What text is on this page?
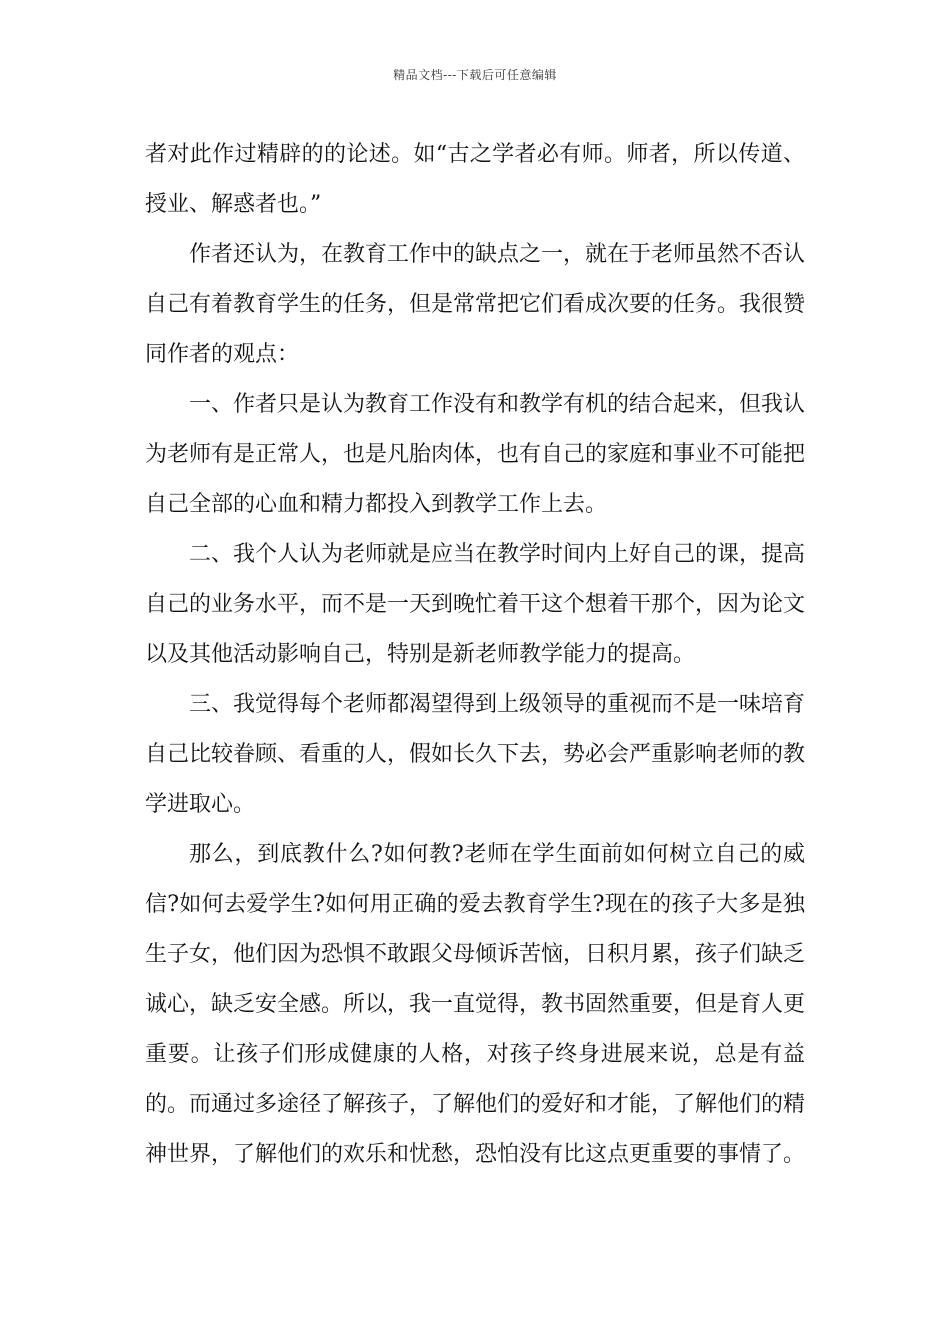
精品文档---下载后可任意编辑

者对此作过精辟的的论述。如“古之学者必有师。师者，所以传道、授业、解惑者也。”

作者还认为，在教育工作中的缺点之一，就在于老师虽然不否认自己有着教育学生的任务，但是常常把它们看成次要的任务。我很赞同作者的观点：

一、作者只是认为教育工作没有和教学有机的结合起来，但我认为老师有是正常人，也是凡胎肉体，也有自己的家庭和事业不可能把自己全部的心血和精力都投入到教学工作上去。

二、我个人认为老师就是应当在教学时间内上好自己的课，提高自己的业务水平，而不是一天到晚忙着干这个想着干那个，因为论文以及其他活动影响自己，特别是新老师教学能力的提高。

三、我觉得每个老师都渴望得到上级领导的重视而不是一味培育自己比较眷顾、看重的人，假如长久下去，势必会严重影响老师的教学进取心。

那么，到底教什么?如何教?老师在学生面前如何树立自己的威信?如何去爱学生?如何用正确的爱去教育学生?现在的孩子大多是独生子女，他们因为恐惧不敢跟父母倾诉苦恼，日积月累，孩子们缺乏诚心，缺乏安全感。所以，我一直觉得，教书固然重要，但是育人更重要。让孩子们形成健康的人格，对孩子终身进展来说，总是有益的。而通过多途径了解孩子，了解他们的爱好和才能，了解他们的精神世界，了解他们的欢乐和忧愁，恐怕没有比这点更重要的事情了。
